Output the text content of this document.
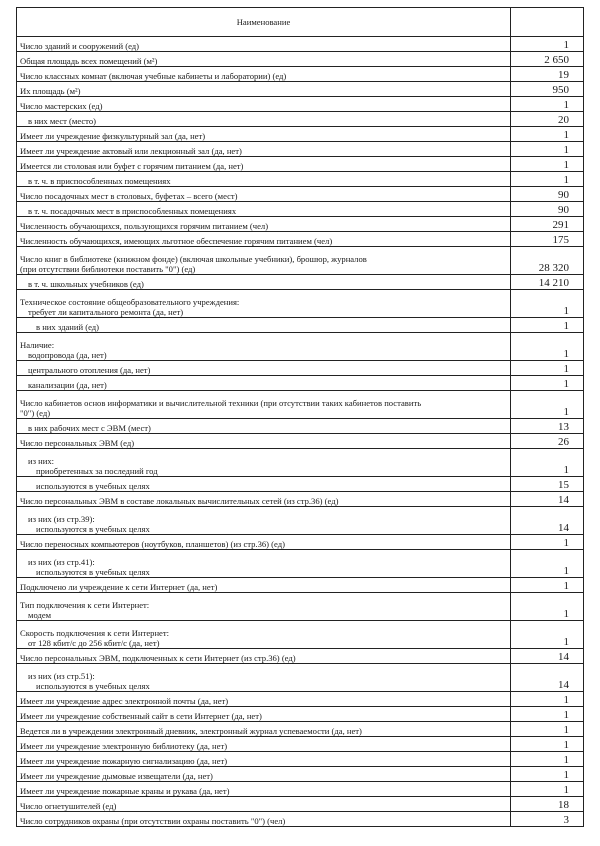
Наименование	

Число зданий и сооружений (ед)	1

Общая площадь всех помещений (м²)	2 650

Число классных комнат (включая учебные кабинеты и лаборатории) (ед)	19

Их площадь (м²)	950

Число мастерских (ед)	1

в них мест (место)	20

Имеет ли учреждение физкультурный зал (да, нет)	1

Имеет ли учреждение актовый или лекционный зал (да, нет)	1

Имеется ли столовая или буфет с горячим питанием (да, нет)	1

в т. ч. в приспособленных помещениях	1

Число посадочных мест в столовых, буфетах – всего (мест)	90

в т. ч. посадочных мест в приспособленных помещениях	90

Численность обучающихся, пользующихся горячим питанием (чел)	291

Численность обучающихся, имеющих льготное обеспечение горячим питанием (чел)	175

Число книг в библиотеке (книжном фонде) (включая школьные учебники), брошюр, журналов
(при отсутствии библиотеки поставить "0") (ед)	28 320

в т. ч. школьных учебников (ед)	14 210

Техническое состояние общеобразовательного учреждения:
требует ли капитального ремонта (да, нет)	1

в них зданий (ед)	1

Наличие:
водопровода (да, нет)	1

центрального отопления (да, нет)	1

канализации (да, нет)	1

Число кабинетов основ информатики и вычислительной техники (при отсутствии таких кабинетов поставить
"0") (ед)	1

в них рабочих мест с ЭВМ (мест)	13

Число персональных ЭВМ (ед)	26

из них:
приобретенных за последний год	1

используются в учебных целях	15

Число персональных ЭВМ в составе локальных вычислительных сетей (из стр.36) (ед)	14

из них (из стр.39):
используются в учебных целях	14

Число переносных компьютеров (ноутбуков, планшетов) (из стр.36) (ед)	1

из них (из стр.41):
используются в учебных целях	1

Подключено ли учреждение к сети Интернет (да, нет)	1

Тип подключения к сети Интернет:
модем	1

Скорость подключения к сети Интернет:
от 128 кбит/с до 256 кбит/с (да, нет)	1

Число персональных ЭВМ, подключенных к сети Интернет (из стр.36) (ед)	14

из них (из стр.51):
используются в учебных целях	14

Имеет ли учреждение адрес электронной почты (да, нет)	1

Имеет ли учреждение собственный сайт в сети Интернет (да, нет)	1

Ведется ли в учреждении электронный дневник, электронный журнал успеваемости (да, нет)	1

Имеет ли учреждение электронную библиотеку (да, нет)	1

Имеет ли учреждение пожарную сигнализацию (да, нет)	1

Имеет ли учреждение дымовые извещатели (да, нет)	1

Имеет ли учреждение пожарные краны и рукава (да, нет)	1

Число огнетушителей (ед)	18

Число сотрудников охраны (при отсутствии охраны поставить "0") (чел)	3
